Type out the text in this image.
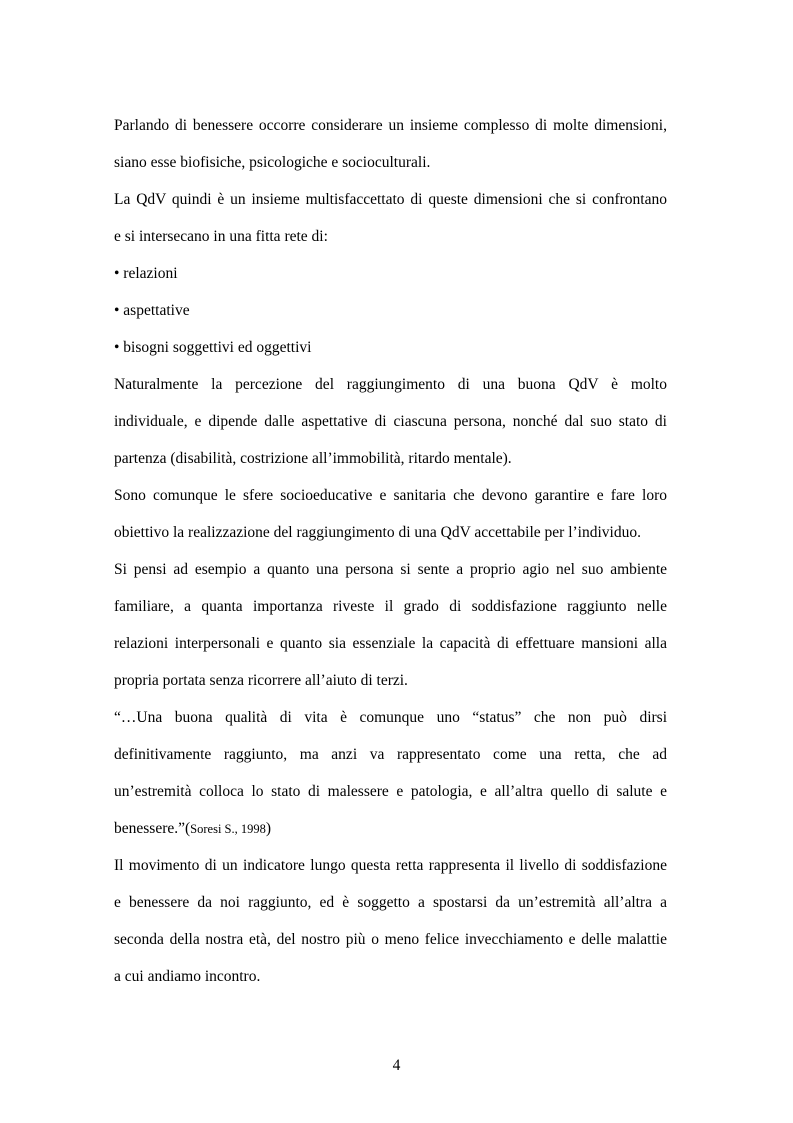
Parlando di benessere occorre considerare un insieme complesso di molte dimensioni,
siano esse biofisiche, psicologiche e socioculturali.
La QdV quindi è un insieme multisfaccettato di queste dimensioni che si confrontano
e si intersecano in una fitta rete di:
• relazioni
• aspettative
• bisogni soggettivi ed oggettivi
Naturalmente la percezione del raggiungimento di una buona QdV è molto
individuale, e dipende dalle aspettative di ciascuna persona, nonché dal suo stato di
partenza (disabilità, costrizione all’immobilità, ritardo mentale).
Sono comunque le sfere socioeducative e sanitaria che devono garantire e fare loro
obiettivo la realizzazione del raggiungimento di una QdV accettabile per l’individuo.
Si pensi ad esempio a quanto una persona si sente a proprio agio nel suo ambiente
familiare, a quanta importanza riveste il grado di soddisfazione raggiunto nelle
relazioni interpersonali e quanto sia essenziale la capacità di effettuare mansioni alla
propria portata senza ricorrere all’aiuto di terzi.
“…Una buona qualità di vita è comunque uno “status” che non può dirsi
definitivamente raggiunto, ma anzi va rappresentato come una retta, che ad
un’estremità colloca lo stato di malessere e patologia, e all’altra quello di salute e
benessere.”(Soresi S., 1998)
Il movimento di un indicatore lungo questa retta rappresenta il livello di soddisfazione
e benessere da noi raggiunto, ed è soggetto a spostarsi da un’estremità all’altra a
seconda della nostra età, del nostro più o meno felice invecchiamento e delle malattie
a cui andiamo incontro.
4
